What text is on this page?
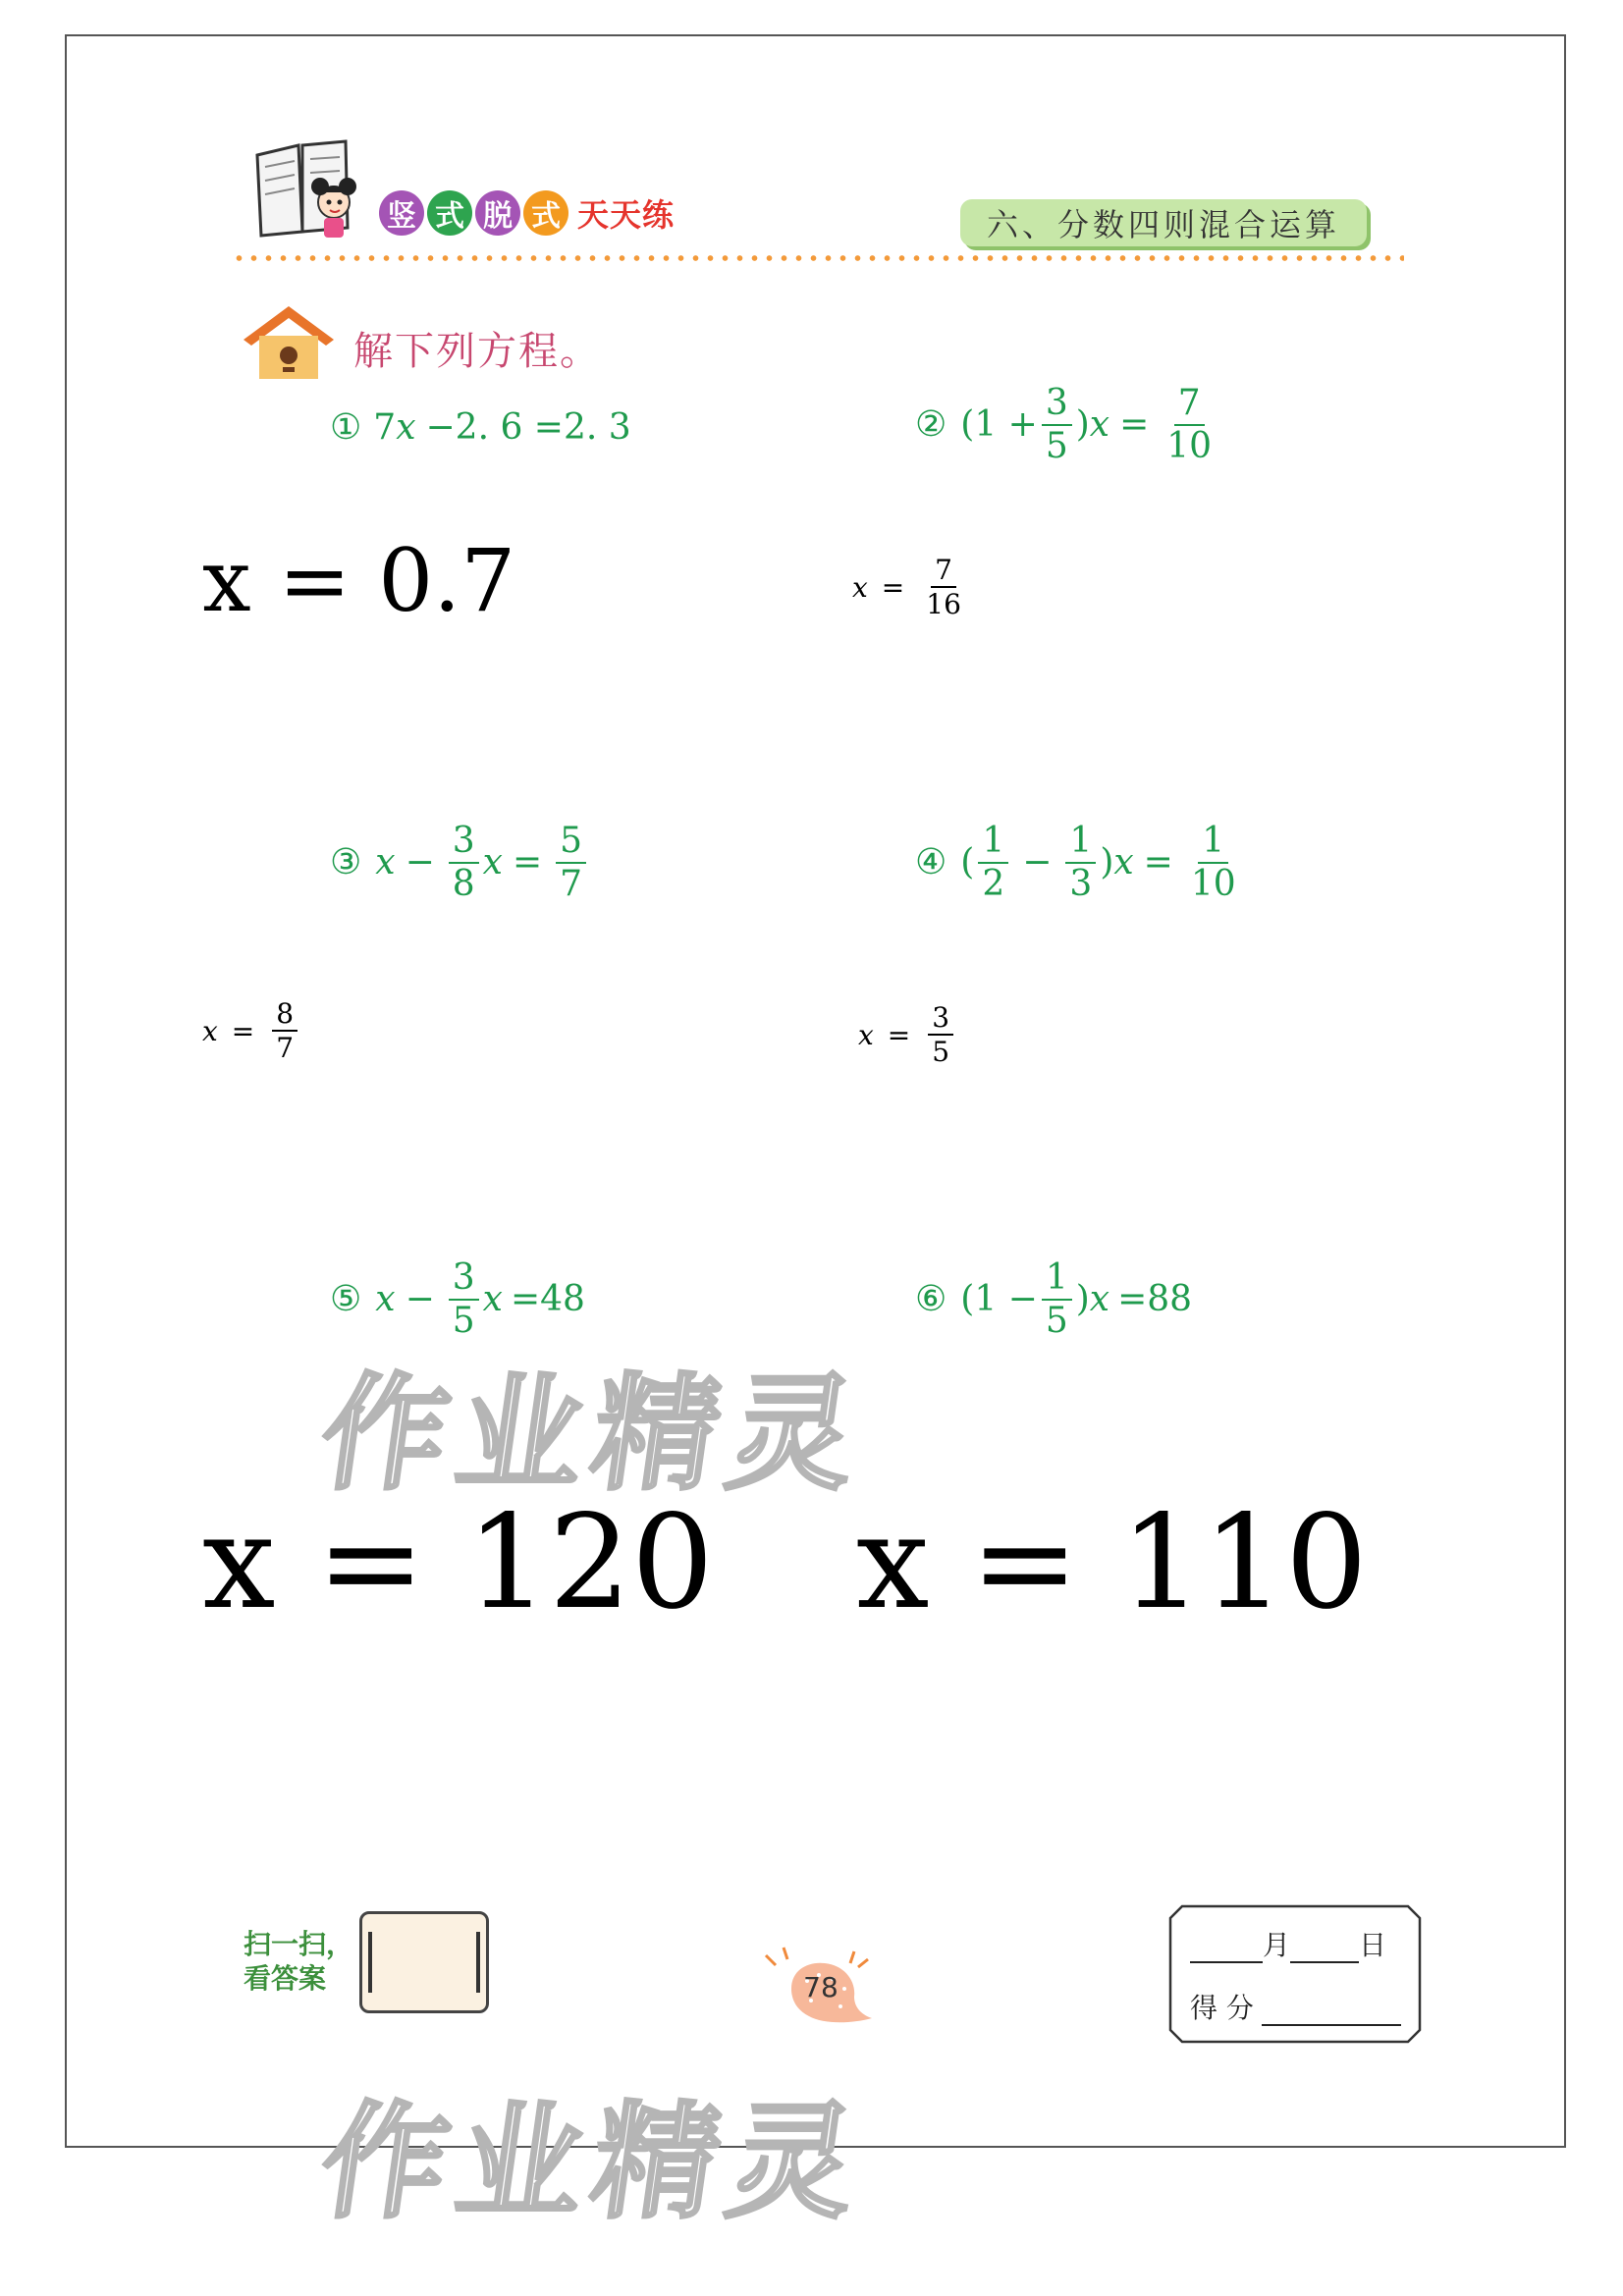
竖 式 脱 式 天天练	六、分数四则混合运算
解下列方程。
① 7 x −2. 6 =2. 3	② ($1 + \frac{3}{5}$ ) $x = \frac{7}{10}$
③ $x - \frac{3}{8}$ $x = \frac{5}{7}$	④ ( $\frac{1}{2} - \frac{1}{3}$ ) $x = \frac{1}{10}$
⑤ $x - \frac{3}{5}$ x =48	⑥ ($1 - \frac{1}{5}$ ) x =88
x = 0.7	$x = \frac{7}{16}$
$x = \frac{8}{7}$	$x = \frac{3}{5}$
x = 120 x = 110
作业精灵
作业精灵
扫一扫，
看答案	78
月	日
得 分
